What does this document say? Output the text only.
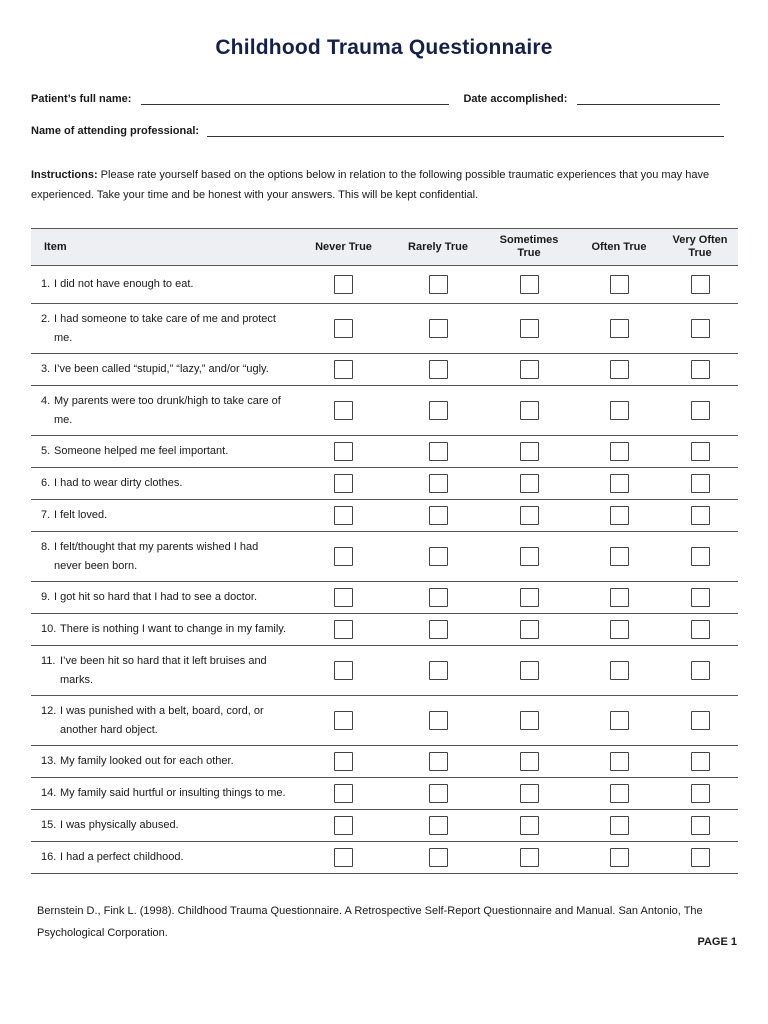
Childhood Trauma Questionnaire
Patient’s full name:	Date accomplished:
Name of attending professional:
Instructions: Please rate yourself based on the options below in relation to the following possible traumatic experiences that you may have experienced. Take your time and be honest with your answers. This will be kept confidential.
Item	Never True	Rarely True	Sometimes True	Often True	Very Often True

1. I did not have enough to eat.					

2. I had someone to take care of me and protect me.					

3. I’ve been called “stupid,” “lazy,” and/or “ugly.					

4. My parents were too drunk/high to take care of me.					

5. Someone helped me feel important.					

6. I had to wear dirty clothes.					

7. I felt loved.					

8. I felt/thought that my parents wished I had never been born.					

9. I got hit so hard that I had to see a doctor.					

10. There is nothing I want to change in my family.					

11. I’ve been hit so hard that it left bruises and marks.					

12. I was punished with a belt, board, cord, or another hard object.					

13. My family looked out for each other.					

14. My family said hurtful or insulting things to me.					

15. I was physically abused.					

16. I had a perfect childhood.					

Bernstein D., Fink L. (1998). Childhood Trauma Questionnaire. A Retrospective Self-Report Questionnaire and Manual. San Antonio, The Psychological Corporation.
PAGE 1
